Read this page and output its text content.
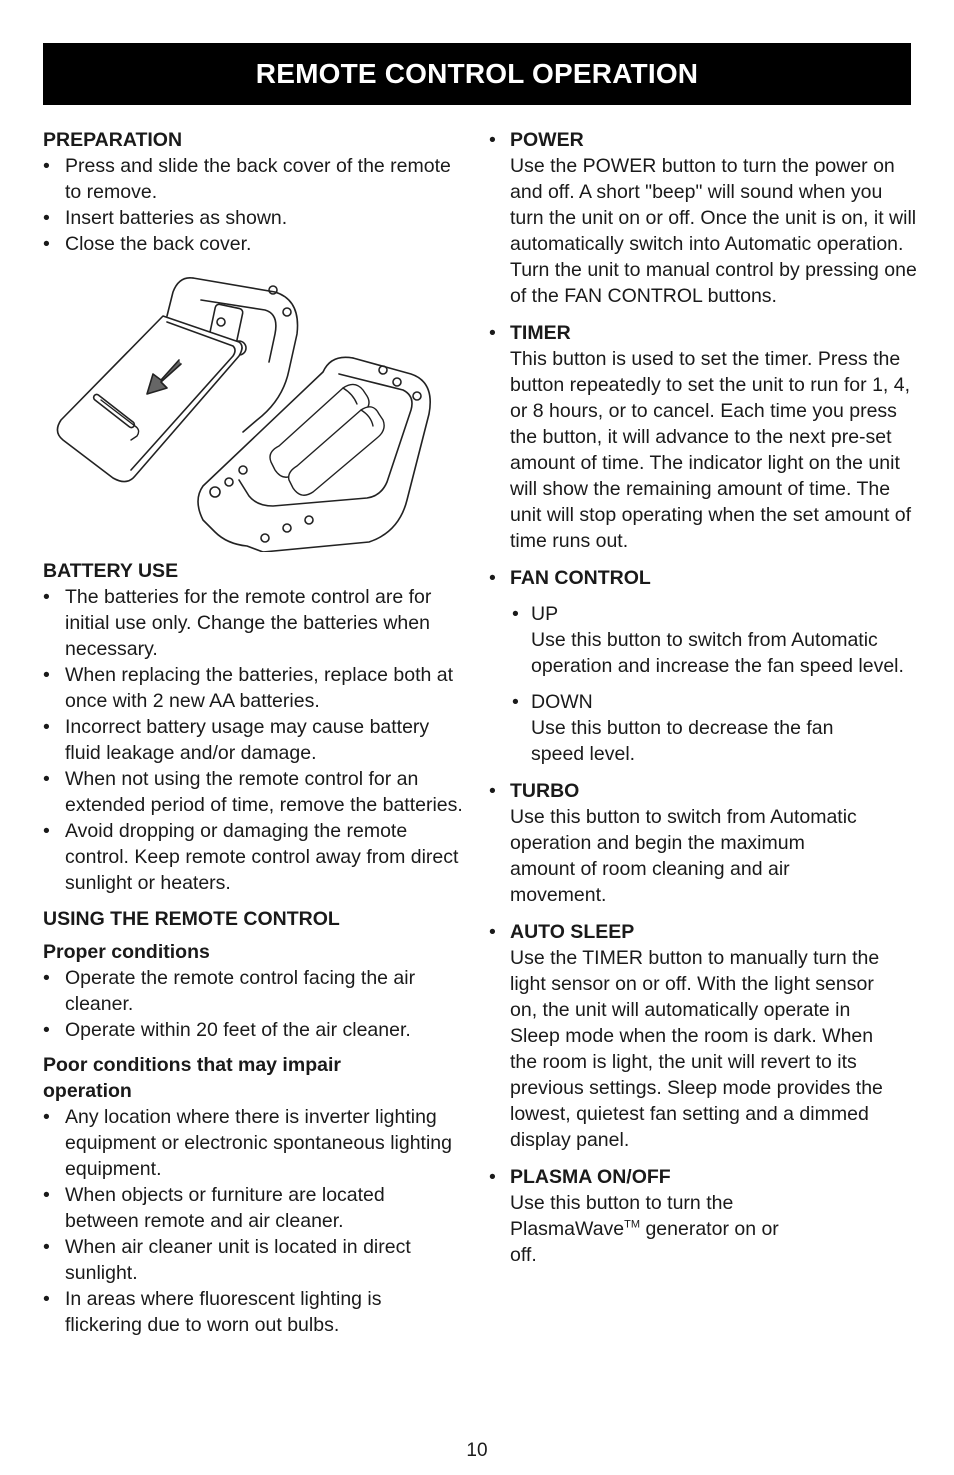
REMOTE CONTROL OPERATION
PREPARATION
• Press and slide the back cover of the remote to remove.
• Insert batteries as shown.
• Close the back cover.
BATTERY USE
• The batteries for the remote control are for initial use only. Change the batteries when necessary.
• When replacing the batteries, replace both at once with 2 new AA batteries.
• Incorrect battery usage may cause battery fluid leakage and/or damage.
• When not using the remote control for an extended period of time, remove the batteries.
• Avoid dropping or damaging the remote control. Keep remote control away from direct sunlight or heaters.
USING THE REMOTE CONTROL
Proper conditions
• Operate the remote control facing the air cleaner.
• Operate within 20 feet of the air cleaner.
Poor conditions that may impair operation
• Any location where there is inverter lighting equipment or electronic spontaneous lighting equipment.
• When objects or furniture are located between remote and air cleaner.
• When air cleaner unit is located in direct sunlight.
• In areas where fluorescent lighting is flickering due to worn out bulbs.
• POWER
Use the POWER button to turn the power on and off. A short "beep" will sound when you turn the unit on or off. Once the unit is on, it will automatically switch into Automatic operation. Turn the unit to manual control by pressing one of the FAN CONTROL buttons.
• TIMER
This button is used to set the timer. Press the button repeatedly to set the unit to run for 1, 4, or 8 hours, or to cancel. Each time you press the button, it will advance to the next pre-set amount of time. The indicator light on the unit will show the remaining amount of time. The unit will stop operating when the set amount of time runs out.
• FAN CONTROL
• UP
Use this button to switch from Automatic operation and increase the fan speed level.
• DOWN
Use this button to decrease the fan speed level.
• TURBO
Use this button to switch from Automatic operation and begin the maximum amount of room cleaning and air movement.
• AUTO SLEEP
Use the TIMER button to manually turn the light sensor on or off. With the light sensor on, the unit will automatically operate in Sleep mode when the room is dark. When the room is light, the unit will revert to its previous settings. Sleep mode provides the lowest, quietest fan setting and a dimmed display panel.
• PLASMA ON/OFF
Use this button to turn the PlasmaWave™ generator on or off.
10
